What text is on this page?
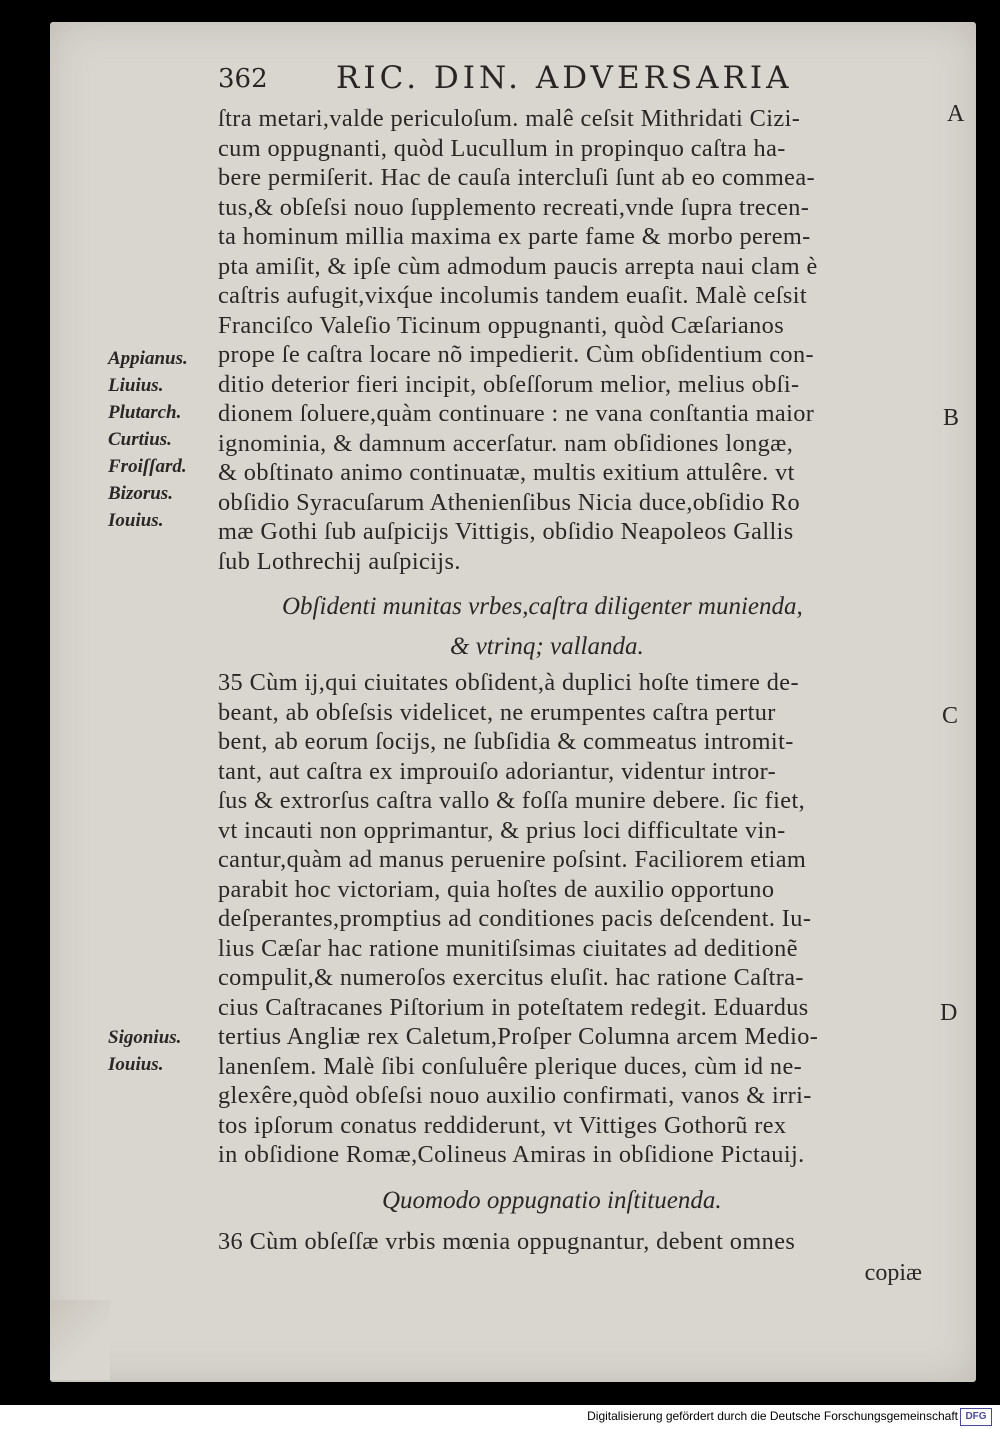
362 RIC. DIN. ADVERSARIA
ſtra metari,valde periculoſum. malê ceſsit Mithridati Cizi-
cum oppugnanti, quòd Lucullum in propinquo caſtra ha-
bere permiſerit. Hac de cauſa intercluſi ſunt ab eo commea-
tus,& obſeſsi nouo ſupplemento recreati,vnde ſupra trecen-
ta hominum millia maxima ex parte fame & morbo perem-
pta amiſit, & ipſe cùm admodum paucis arrepta naui clam è
caſtris aufugit,vixq́ue incolumis tandem euaſit. Malè ceſsit
Franciſco Valeſio Ticinum oppugnanti, quòd Cæſarianos
prope ſe caſtra locare nõ impedierit. Cùm obſidentium con-
ditio deterior fieri incipit, obſeſſorum melior, melius obſi-
dionem ſoluere,quàm continuare : ne vana conſtantia maior
ignominia, & damnum accerſatur. nam obſidiones longæ,
& obſtinato animo continuatæ, multis exitium attulêre. vt
obſidio Syracuſarum Athenienſibus Nicia duce,obſidio Ro
mæ Gothi ſub auſpicijs Vittigis, obſidio Neapoleos Gallis
ſub Lothrechij auſpicijs.
Obſidenti munitas vrbes,caſtra diligenter munienda,
& vtrinq; vallanda.
35 Cùm ij,qui ciuitates obſident,à duplici hoſte timere de-
beant, ab obſeſsis videlicet, ne erumpentes caſtra pertur
bent, ab eorum ſocijs, ne ſubſidia & commeatus intromit-
tant, aut caſtra ex improuiſo adoriantur, videntur intror-
ſus & extrorſus caſtra vallo & foſſa munire debere. ſic fiet,
vt incauti non opprimantur, & prius loci difficultate vin-
cantur,quàm ad manus peruenire poſsint. Faciliorem etiam
parabit hoc victoriam, quia hoſtes de auxilio opportuno
deſperantes,promptius ad conditiones pacis deſcendent. Iu-
lius Cæſar hac ratione munitiſsimas ciuitates ad deditionẽ
compulit,& numeroſos exercitus eluſit. hac ratione Caſtra-
cius Caſtracanes Piſtorium in poteſtatem redegit. Eduardus
tertius Angliæ rex Caletum,Proſper Columna arcem Medio-
lanenſem. Malè ſibi conſuluêre plerique duces, cùm id ne-
glexêre,quòd obſeſsi nouo auxilio confirmati, vanos & irri-
tos ipſorum conatus reddiderunt, vt Vittiges Gothorũ rex
in obſidione Romæ,Colineus Amiras in obſidione Pictauij.
Quomodo oppugnatio inſtituenda.
36 Cùm obſeſſæ vrbis mœnia oppugnantur, debent omnes
copiæ
Appianus.
Liuius.
Plutarch.
Curtius.
Froiſſard.
Bizorus.
Iouius.
Sigonius.
Iouius.
A
B
C
D
Digitalisierung gefördert durch die Deutsche Forschungsgemeinschaft DFG
